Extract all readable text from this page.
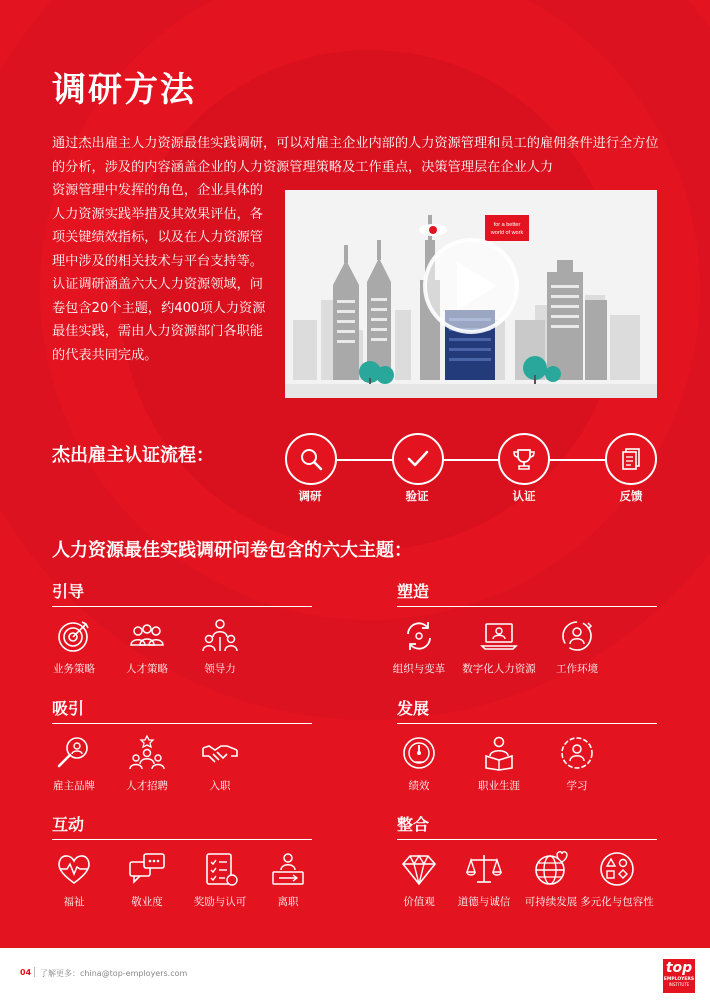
调研方法

通过杰出雇主人力资源最佳实践调研，可以对雇主企业内部的人力资源管理和员工的雇佣条件进行全方位的分析，涉及的内容涵盖企业的人力资源管理策略及工作重点，决策管理层在企业人力

资源管理中发挥的角色，企业具体的人力资源实践举措及其效果评估，各项关键绩效指标，以及在人力资源管理中涉及的相关技术与平台支持等。认证调研涵盖六大人力资源领域，问卷包含20个主题，约400项人力资源最佳实践，需由人力资源部门各职能的代表共同完成。

for a better
world of work
杰出雇主认证流程：
调研	验证	认证	反馈
人力资源最佳实践调研问卷包含的六大主题：
引导
业务策略	人才策略	领导力
塑造
组织与变革	数字化人力资源	工作环境
吸引
雇主品牌	人才招聘	入职
发展
绩效	职业生涯	学习
互动
福祉	敬业度	奖励与认可	离职
整合
价值观	道德与诚信	可持续发展 多元化与包容性
04 了解更多：china@top-employers.com	top
EMPLOYERS
INSTITUTE
